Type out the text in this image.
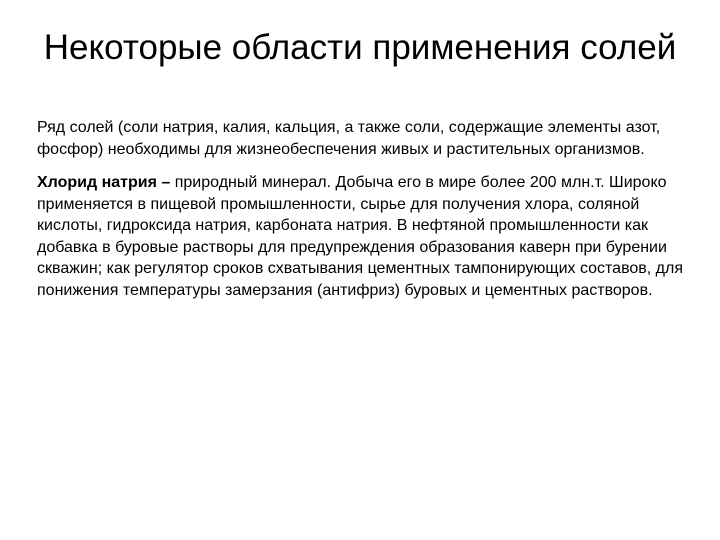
Некоторые области применения солей

Ряд солей (соли натрия, калия, кальция, а также соли, содержащие элементы азот, фосфор) необходимы для жизнеобеспечения живых и растительных организмов.

Хлорид натрия – природный минерал. Добыча его в мире более 200 млн.т. Широко применяется в пищевой промышленности, сырье для получения хлора, соляной кислоты, гидроксида натрия, карбоната натрия. В нефтяной промышленности как добавка в буровые растворы для предупреждения образования каверн при бурении скважин; как регулятор сроков схватывания цементных тампонирующих составов, для понижения температуры замерзания (антифриз) буровых и цементных растворов.
